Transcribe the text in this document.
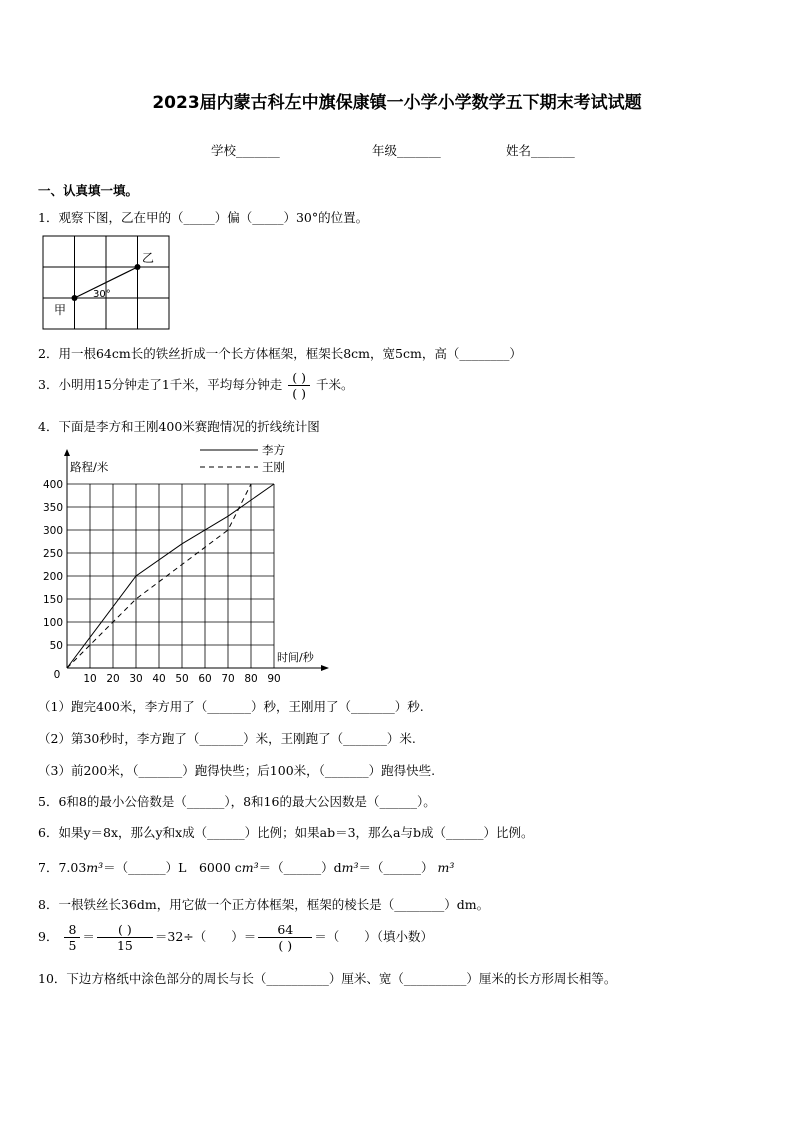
2023届内蒙古科左中旗保康镇一小学小学数学五下期末考试试题
学校_______	年级_______	姓名_______
一、认真填一填。
1．观察下图，乙在甲的（_____）偏（_____）30°的位置。
乙
甲
30°
2．用一根64cm长的铁丝折成一个长方体框架，框架长8cm，宽5cm，高（________）
3．小明用15分钟走了1千米，平均每分钟走 $\frac{( )}{( )}$ 千米。
4．下面是李方和王刚400米赛跑情况的折线统计图
10 20 30 40 50 60 70 80 90
50
100
150
200
250
300
350
400
0
路程/米
时间/秒
李方
王刚
（1）跑完400米，李方用了（_______）秒，王刚用了（_______）秒.
（2）第30秒时，李方跑了（_______）米，王刚跑了（_______）米.
（3）前200米，（_______）跑得快些；后100米，（_______）跑得快些.
5．6和8的最小公倍数是（______），8和16的最大公因数是（______）。
6．如果y＝8x，那么y和x成（______）比例；如果ab＝3，那么a与b成（______）比例。
7．7.03m³＝（______）L　6000 cm³＝（______）dm³＝（______） m³
8．一根铁丝长36dm，用它做一个正方体框架，框架的棱长是（________）dm。
9． $\frac{8}{5} = \frac{( )}{15} =32\div$（　　）＝ $\frac{64}{( )}$ ＝（　　）（填小数）
10．下边方格纸中涂色部分的周长与长（__________）厘米、宽（__________）厘米的长方形周长相等。
